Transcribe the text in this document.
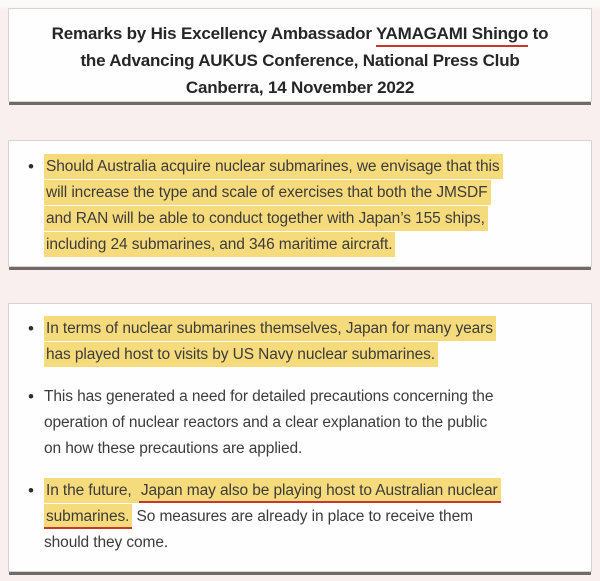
Remarks by His Excellency Ambassador YAMAGAMI Shingo to
the Advancing AUKUS Conference, National Press Club
Canberra, 14 November 2022
• Should Australia acquire nuclear submarines, we envisage that this
will increase the type and scale of exercises that both the JMSDF
and RAN will be able to conduct together with Japan’s 155 ships,
including 24 submarines, and 346 maritime aircraft.
• In terms of nuclear submarines themselves, Japan for many years
has played host to visits by US Navy nuclear submarines.
• This has generated a need for detailed precautions concerning the
operation of nuclear reactors and a clear explanation to the public
on how these precautions are applied.
• In the future, Japan may also be playing host to Australian nuclear
submarines. So measures are already in place to receive them
should they come.
